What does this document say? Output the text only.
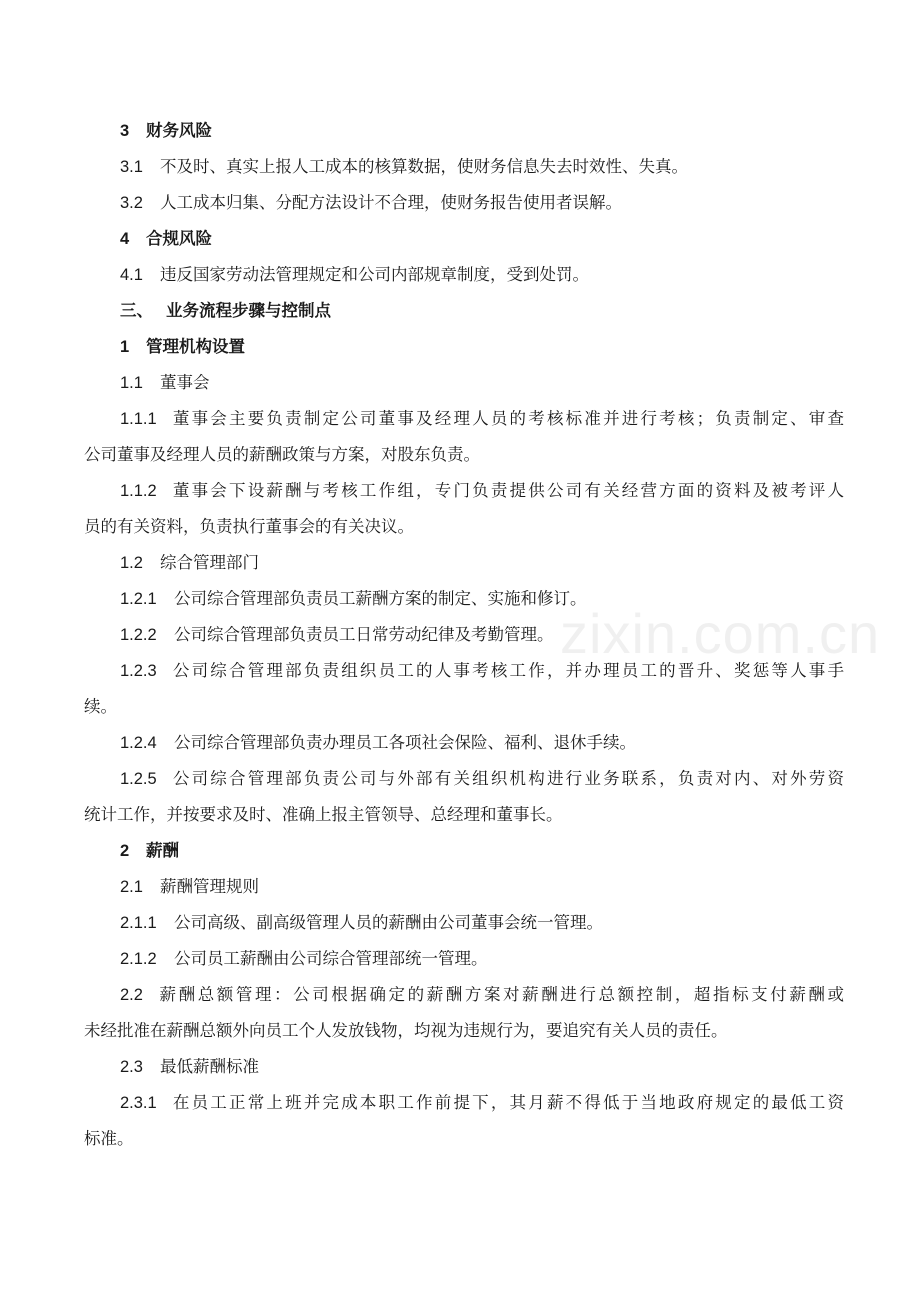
zixin.com.cn
3 财务风险
3.1 不及时、真实上报人工成本的核算数据，使财务信息失去时效性、失真。
3.2 人工成本归集、分配方法设计不合理，使财务报告使用者误解。
4 合规风险
4.1 违反国家劳动法管理规定和公司内部规章制度，受到处罚。
三、 业务流程步骤与控制点
1 管理机构设置
1.1 董事会
1.1.1 董事会主要负责制定公司董事及经理人员的考核标准并进行考核；负责制定、审查
公司董事及经理人员的薪酬政策与方案，对股东负责。
1.1.2 董事会下设薪酬与考核工作组，专门负责提供公司有关经营方面的资料及被考评人
员的有关资料，负责执行董事会的有关决议。
1.2 综合管理部门
1.2.1 公司综合管理部负责员工薪酬方案的制定、实施和修订。
1.2.2 公司综合管理部负责员工日常劳动纪律及考勤管理。
1.2.3 公司综合管理部负责组织员工的人事考核工作，并办理员工的晋升、奖惩等人事手
续。
1.2.4 公司综合管理部负责办理员工各项社会保险、福利、退休手续。
1.2.5 公司综合管理部负责公司与外部有关组织机构进行业务联系，负责对内、对外劳资
统计工作，并按要求及时、准确上报主管领导、总经理和董事长。
2 薪酬
2.1 薪酬管理规则
2.1.1 公司高级、副高级管理人员的薪酬由公司董事会统一管理。
2.1.2 公司员工薪酬由公司综合管理部统一管理。
2.2 薪酬总额管理：公司根据确定的薪酬方案对薪酬进行总额控制，超指标支付薪酬或
未经批准在薪酬总额外向员工个人发放钱物，均视为违规行为，要追究有关人员的责任。
2.3 最低薪酬标准
2.3.1 在员工正常上班并完成本职工作前提下，其月薪不得低于当地政府规定的最低工资
标准。
